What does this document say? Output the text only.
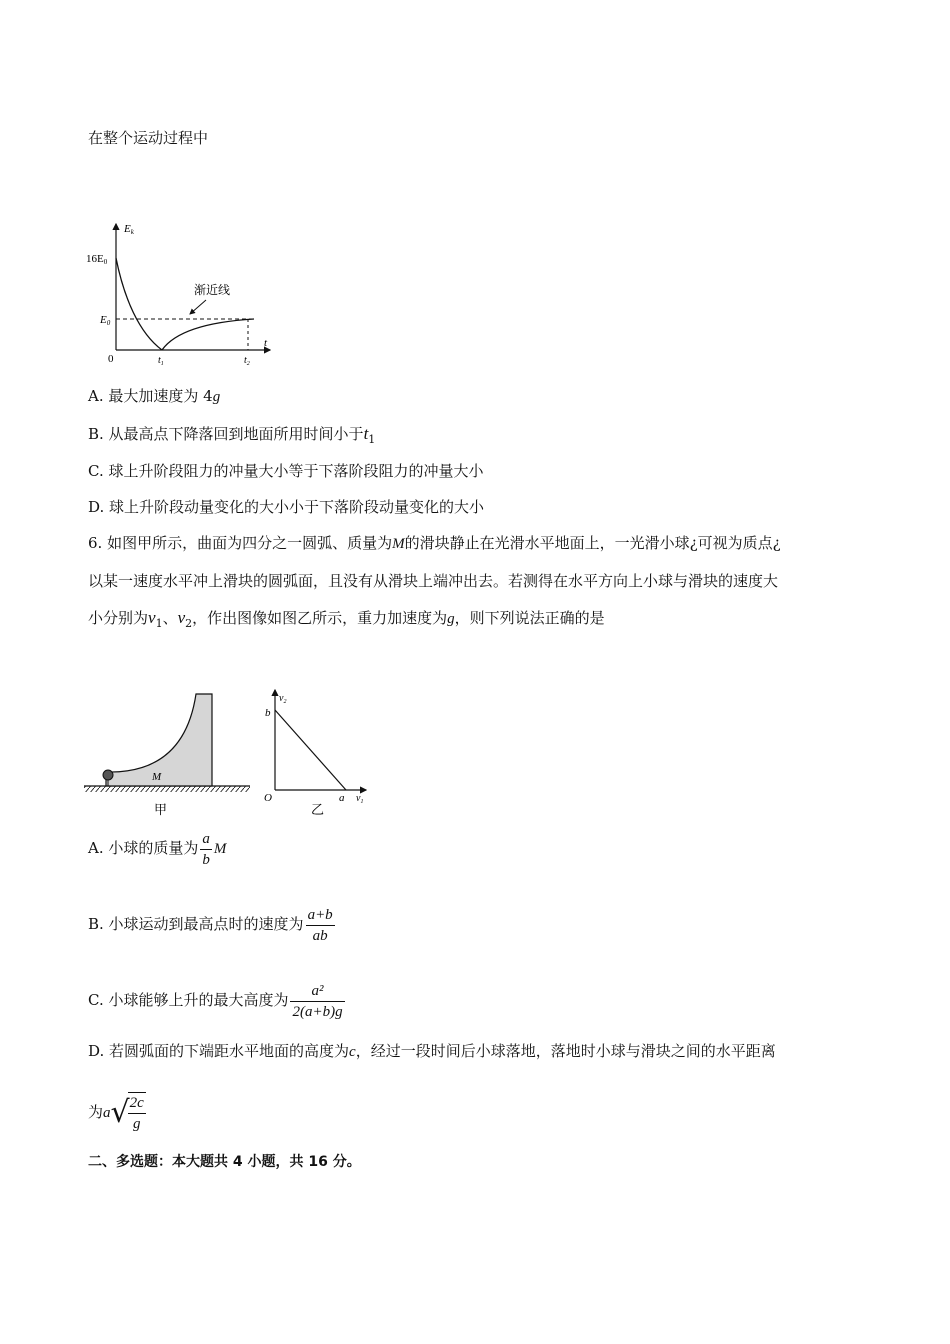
在整个运动过程中
Ek
16E0
E0
0	$t_1$	$t_2$
t
渐近线
A. 最大加速度为 4g
B. 从最高点下降落回到地面所用时间小于$t_1$
C. 球上升阶段阻力的冲量大小等于下落阶段阻力的冲量大小
D. 球上升阶段动量变化的大小小于下落阶段动量变化的大小
6. 如图甲所示，曲面为四分之一圆弧、质量为M的滑块静止在光滑水平地面上，一光滑小球¿可视为质点¿
以某一速度水平冲上滑块的圆弧面，且没有从滑块上端冲出去。若测得在水平方向上小球与滑块的速度大
小分别为$v_1$、$v_2$，作出图像如图乙所示，重力加速度为g，则下列说法正确的是
M
甲
$v_2$
b
a $v_1$
O
乙
A. 小球的质量为 $\frac{a}{b}$ M
B. 小球运动到最高点时的速度为 $\frac{a+b}{ab}$
C. 小球能够上升的最大高度为 $\frac{\text{a²}}{2(a+b)g}$
D. 若圆弧面的下端距水平地面的高度为c，经过一段时间后小球落地，落地时小球与滑块之间的水平距离
为a√
$\frac{2c}{g}$
二、多选题：本大题共 4 小题，共 16 分。
